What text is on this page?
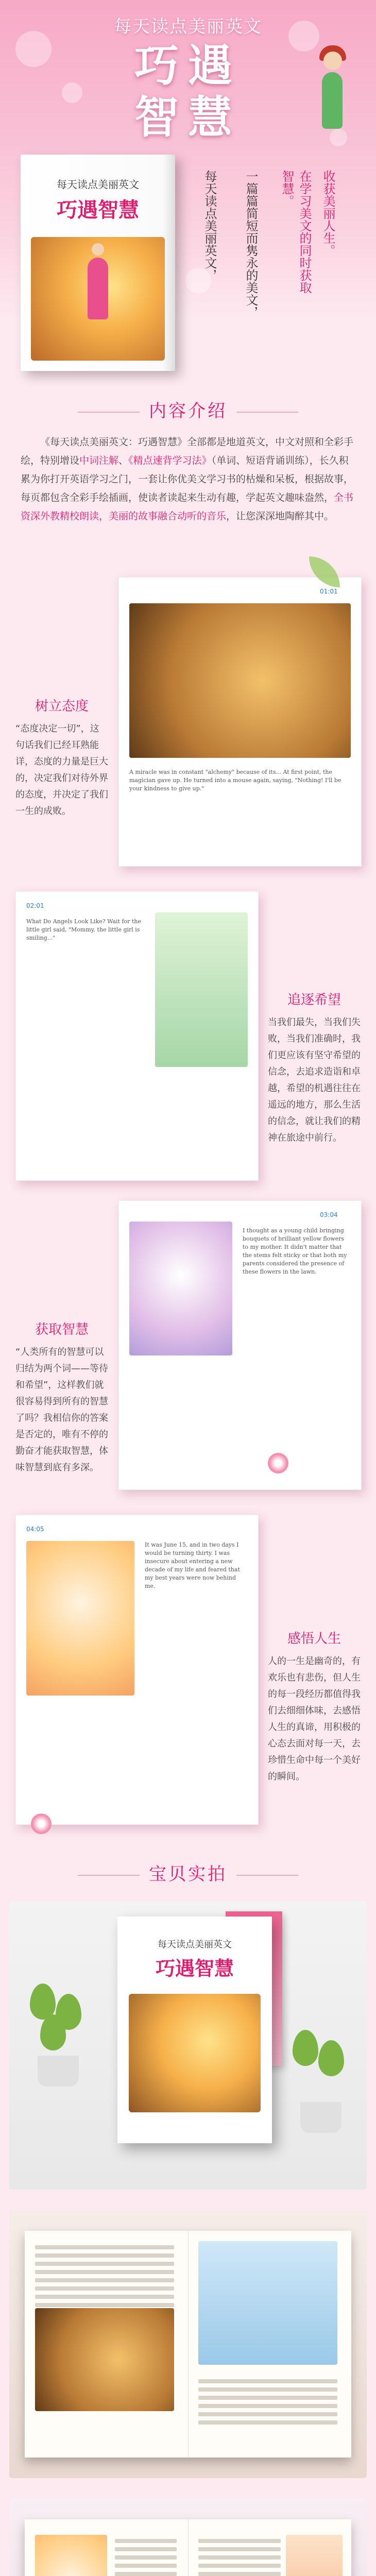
每天读点美丽英文
巧遇
智慧
每天读点美丽英文
巧遇智慧	每天读点美丽英文， 一篇篇简短而隽永的美文，	收获美丽人生。
在学习美文的同时获取智慧。
内容介绍
《每天读点美丽英文：巧遇智慧》全部都是地道英文，中文对照和全彩手绘，特别增设中词注解、《精点速背学习法》（单词、短语背诵训练），长久积累为你打开英语学习之门，一套让你优美文学习书的枯燥和呆板，根据故事，每页都包含全彩手绘插画，使读者读起来生动有趣，学起英文趣味盎然，全书资深外教精校朗读，美丽的故事融合动听的音乐，让您深深地陶醉其中。
01:01
A miracle was in constant "alchemy" because of its... At first point, the magician gave up. He turned into a mouse again, saying, "Nothing! I'll be your kindness to give up."
树立态度
“态度决定一切”，这句话我们已经耳熟能详，态度的力量是巨大的，决定我们对待外界的态度，并决定了我们一生的成败。
02:01
What Do Angels Look Like? Wait for the little girl said, "Mommy, the little girl is smiling..."
追逐希望
当我们最失，当我们失败，当我们准确时，我们更应该有坚守希望的信念，去追求造诣和卓越，希望的机遇往往在遥远的地方，那么生活的信念，就让我们的精神在旅途中前行。
03:04
I thought as a young child bringing bouquets of brilliant yellow flowers to my mother. It didn't matter that the stems felt sticky or that both my parents considered the presence of these flowers in the lawn.
获取智慧
“人类所有的智慧可以归结为两个词——等待和希望”，这样教们就很容易得到所有的智慧了吗？我相信你的答案是否定的，唯有不停的勤奋才能获取智慧，体味智慧到底有多深。
04:05
It was June 15, and in two days I would be turning thirty. I was insecure about entering a new decade of my life and feared that my best years were now behind me.
感悟人生
人的一生是幽奇的，有欢乐也有悲伤，但人生的每一段经历都值得我们去细细体味，去感悟人生的真谛，用积极的心态去面对每一天，去珍惜生命中每一个美好的瞬间。
宝贝实拍
每天读点美丽英文
巧遇智慧
